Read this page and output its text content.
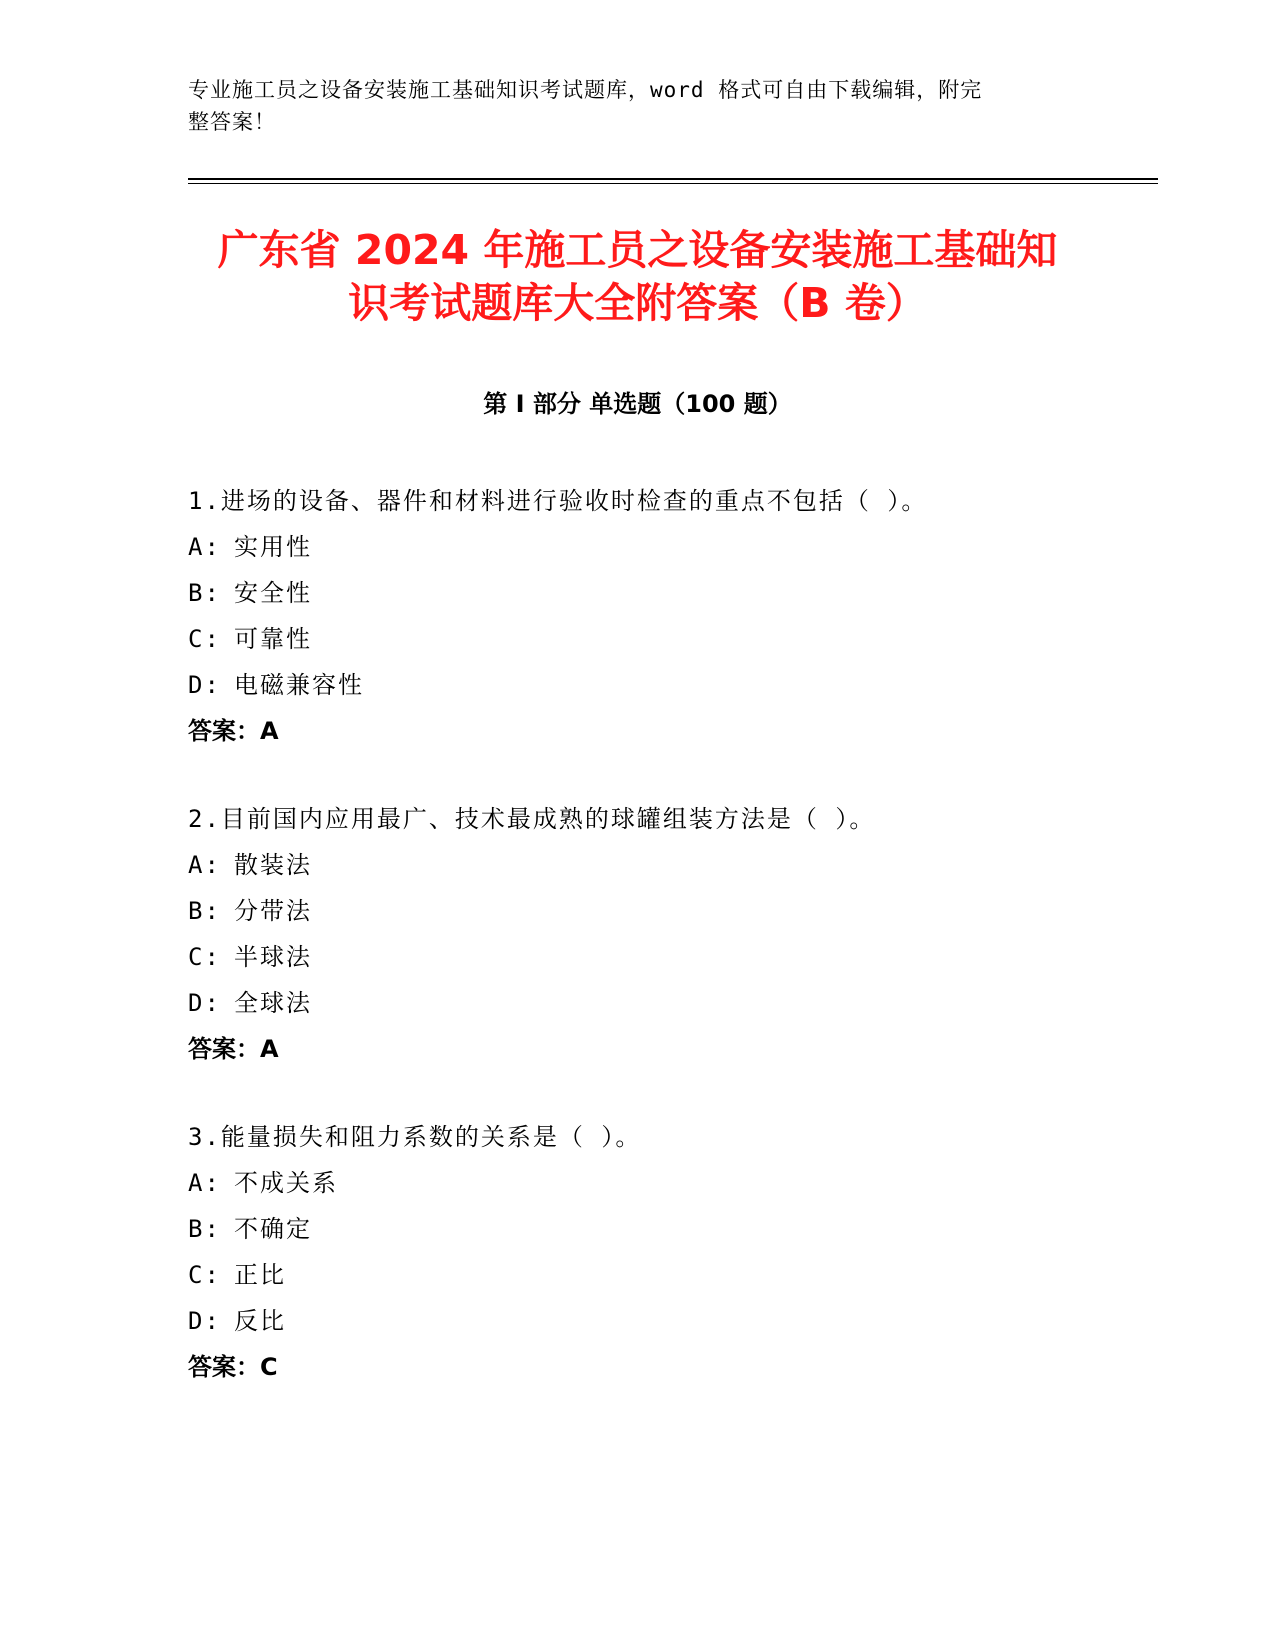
专业施工员之设备安装施工基础知识考试题库，word 格式可自由下载编辑，附完
整答案！
广东省 2024 年施工员之设备安装施工基础知
识考试题库大全附答案（B 卷）
第 I 部分 单选题（100 题）
1.进场的设备、器件和材料进行验收时检查的重点不包括（ ）。
A: 实用性
B: 安全性
C: 可靠性
D: 电磁兼容性
答案：A
2.目前国内应用最广、技术最成熟的球罐组装方法是（ ）。
A: 散装法
B: 分带法
C: 半球法
D: 全球法
答案：A
3.能量损失和阻力系数的关系是（ ）。
A: 不成关系
B: 不确定
C: 正比
D: 反比
答案：C
